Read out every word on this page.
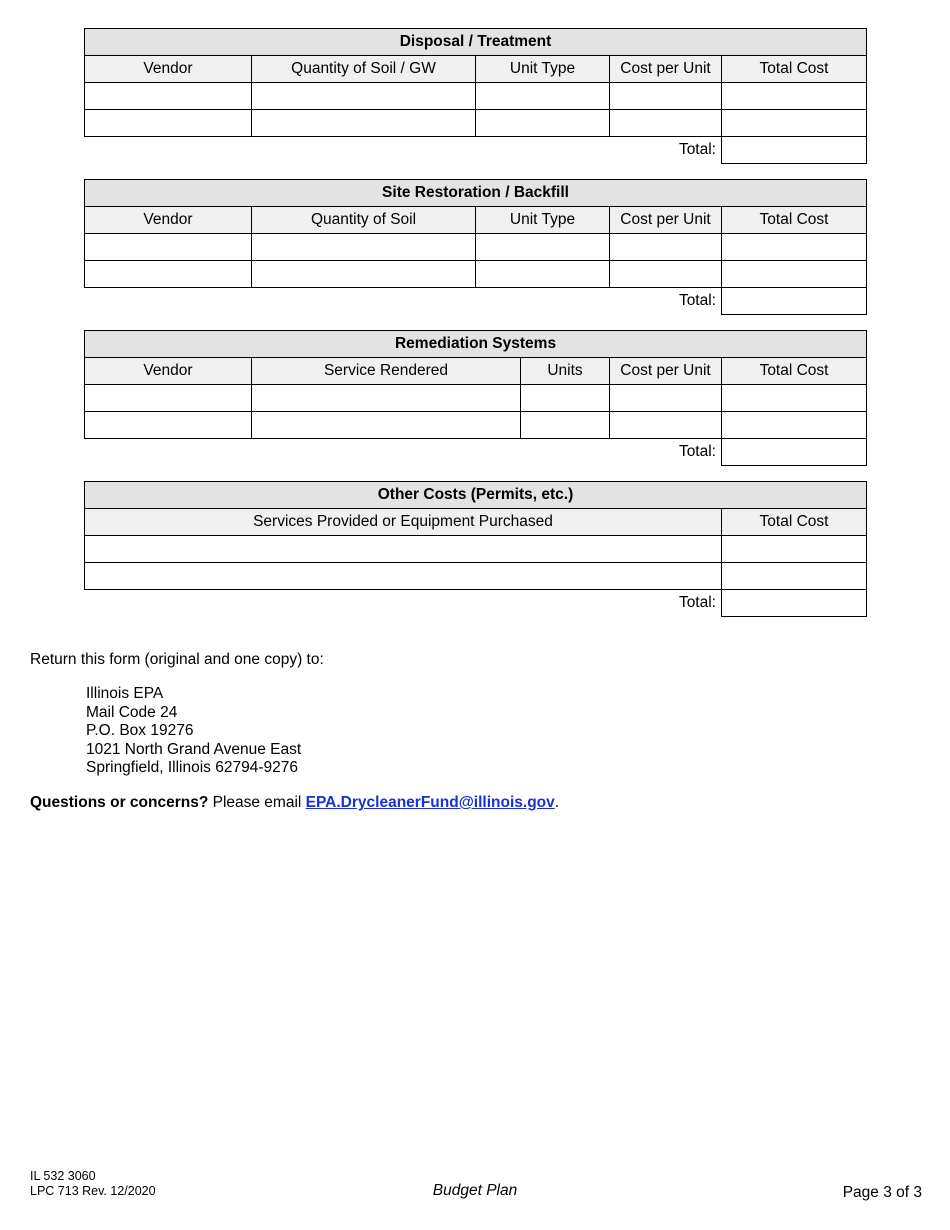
Disposal / Treatment				
Vendor	Quantity of Soil / GW	Unit Type	Cost per Unit	Total Cost

Total:				
Site Restoration / Backfill				
Vendor	Quantity of Soil	Unit Type	Cost per Unit	Total Cost

Total:				
Remediation Systems				
Vendor	Service Rendered	Units	Cost per Unit	Total Cost

Total:				
Other Costs (Permits, etc.)	
Services Provided or Equipment Purchased	Total Cost

Total:	
Return this form (original and one copy) to:
Illinois EPA
Mail Code 24
P.O. Box 19276
1021 North Grand Avenue East
Springfield, Illinois 62794-9276
Questions or concerns? Please email EPA.DrycleanerFund@illinois.gov.
IL 532 3060
LPC 713 Rev. 12/2020	Budget Plan	Page 3 of 3
